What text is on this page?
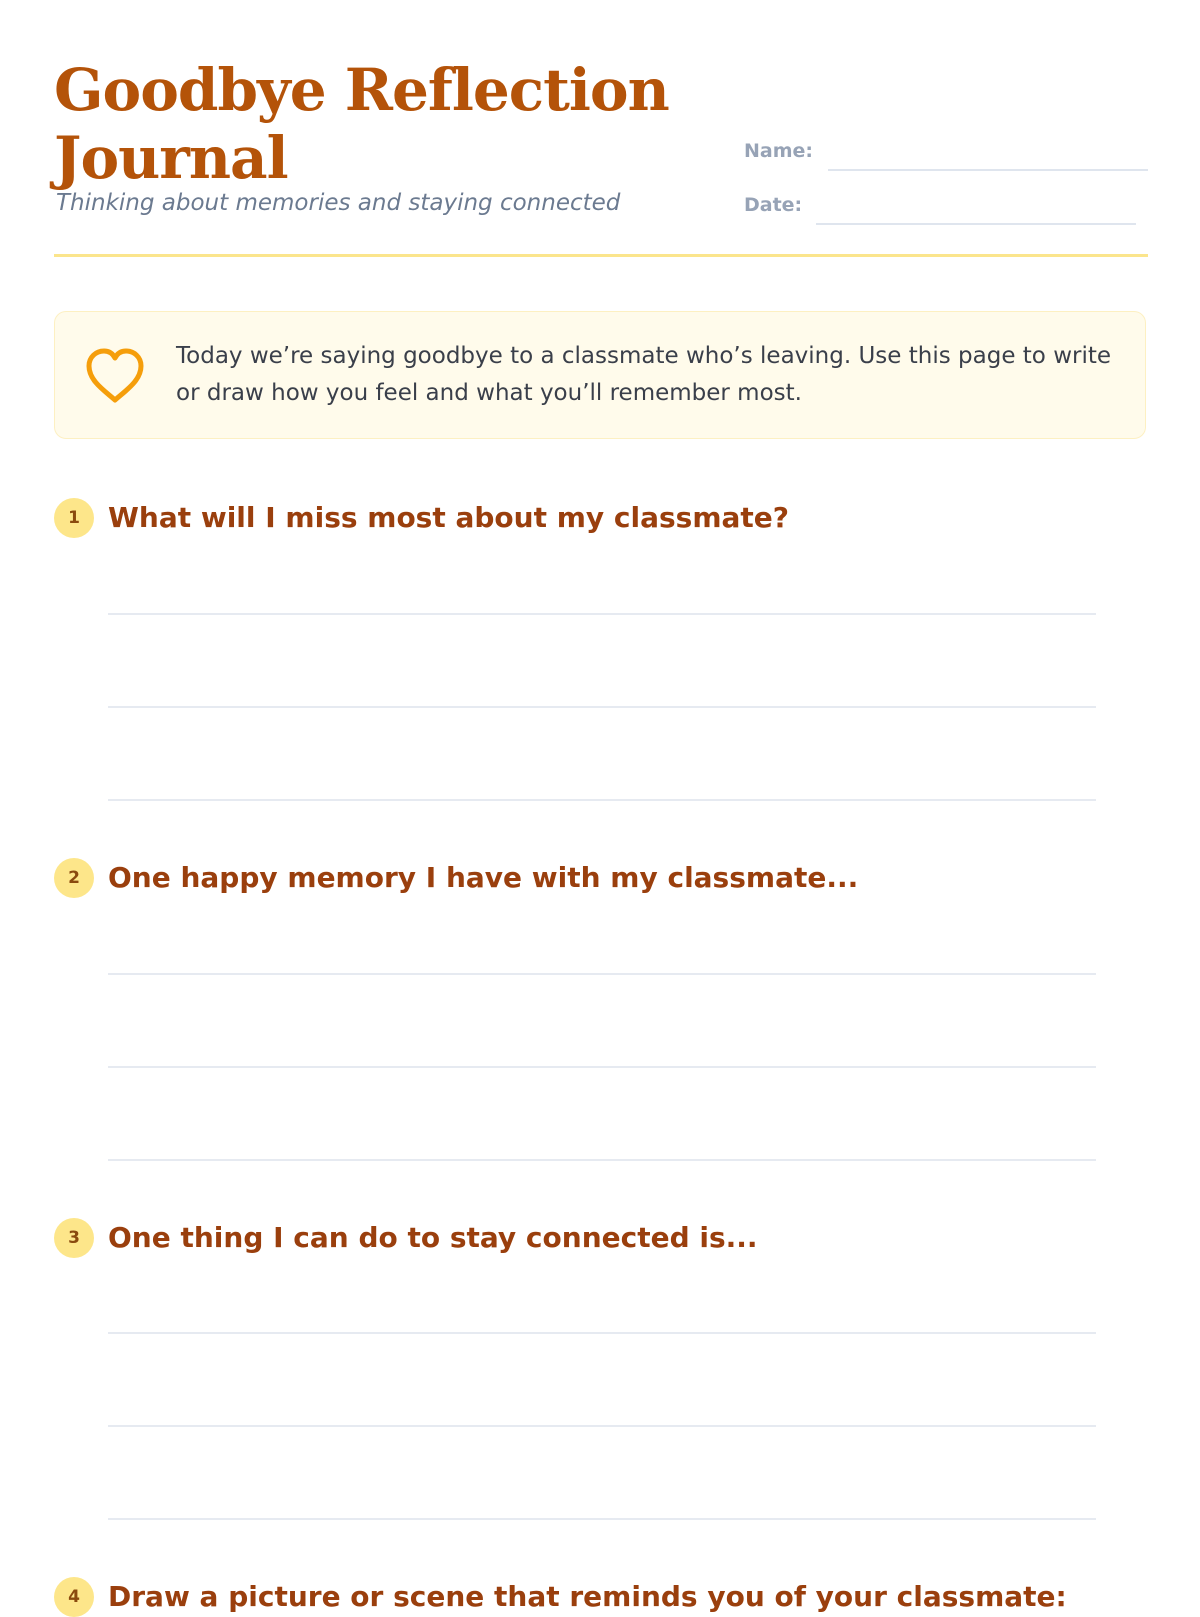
Goodbye Reflection Journal

Thinking about memories and staying connected

Name:
Date:

Today we’re saying goodbye to a classmate who’s leaving. Use this page to write or draw how you feel and what you’ll remember most.

1	What will I miss most about my classmate?

2	One happy memory I have with my classmate...

3	One thing I can do to stay connected is...

4	Draw a picture or scene that reminds you of your classmate:
